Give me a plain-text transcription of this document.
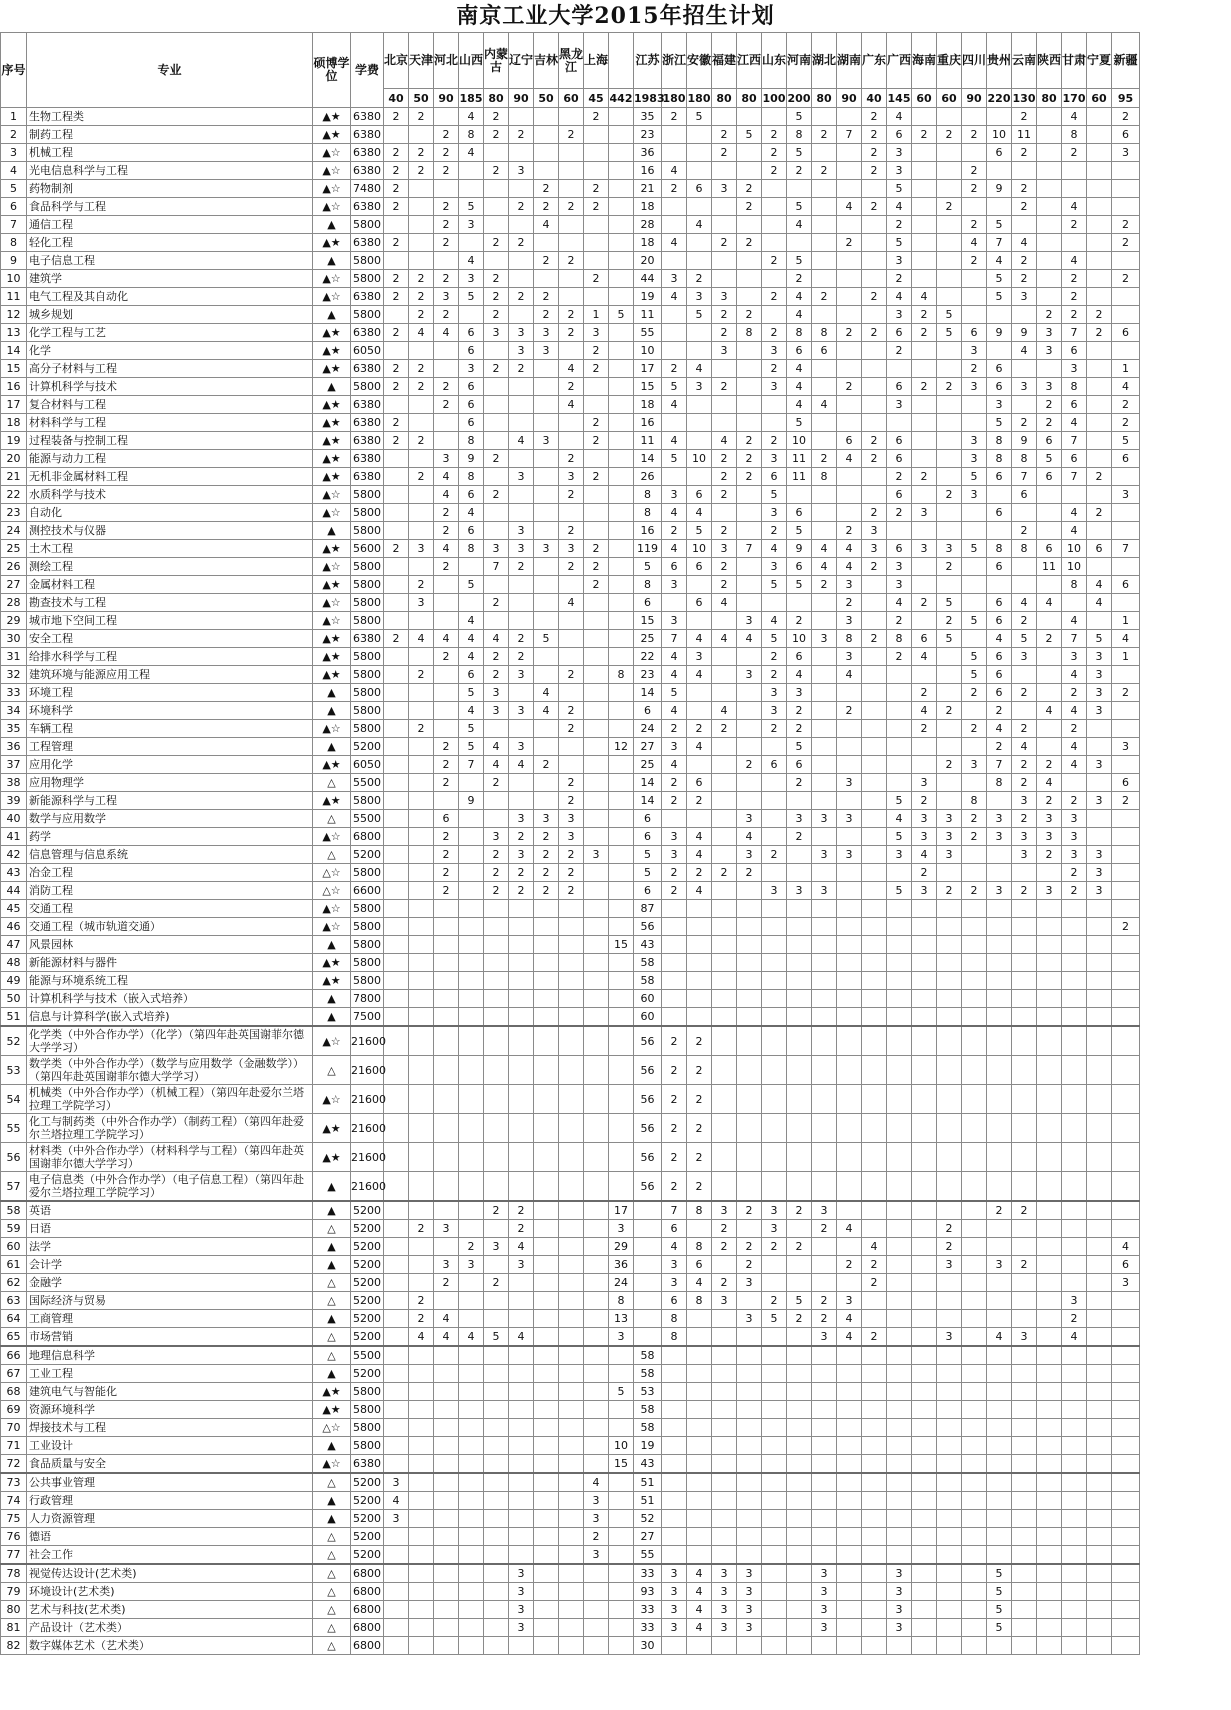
南京工业大学2015年招生计划
序号	专业	硕博学位	学费	北京	天津	河北	山西	内蒙古	辽宁	吉林	黑龙江	上海		江苏	浙江	安徽	福建	江西	山东	河南	湖北	湖南	广东	广西	海南	重庆	四川	贵州	云南	陕西	甘肃	宁夏	新疆
				40	50	90	185	80	90	50	60	45	442	1983	180	180	80	80	100	200	80	90	40	145	60	60	90	220	130	80	170	60	95
1	生物工程类	▲★	6380	2	2		4	2				2		35	2	5				5			2	4					2		4		2
2	制药工程	▲★	6380			2	8	2	2		2			23			2	5	2	8	2	7	2	6	2	2	2	10	11		8		6
3	机械工程	▲☆	6380	2	2	2	4							36			2		2	5			2	3				6	2		2		3
4	光电信息科学与工程	▲☆	6380	2	2	2		2	3					16	4				2	2	2		2	3			2						
5	药物制剂	▲☆	7480	2						2		2		21	2	6	3	2						5			2	9	2				
6	食品科学与工程	▲☆	6380	2		2	5		2	2	2	2		18				2		5		4	2	4		2			2		4		
7	通信工程	▲	5800			2	3			4				28		4				4				2			2	5			2		2
8	轻化工程	▲★	6380	2		2		2	2					18	4		2	2				2		5			4	7	4				2
9	电子信息工程	▲	5800				4			2	2			20					2	5				3			2	4	2		4		
10	建筑学	▲☆	5800	2	2	2	3	2				2		44	3	2				2				2				5	2		2		2
11	电气工程及其自动化	▲☆	6380	2	2	3	5	2	2	2				19	4	3	3		2	4	2		2	4	4			5	3		2		
12	城乡规划	▲	5800		2	2		2		2	2	1	5	11		5	2	2		4				3	2	5				2	2	2	
13	化学工程与工艺	▲★	6380	2	4	4	6	3	3	3	2	3		55			2	8	2	8	8	2	2	6	2	5	6	9	9	3	7	2	6
14	化学	▲★	6050				6		3	3		2		10			3		3	6	6			2			3		4	3	6		
15	高分子材料与工程	▲★	6380	2	2		3	2	2		4	2		17	2	4			2	4							2	6			3		1
16	计算机科学与技术	▲	5800	2	2	2	6				2			15	5	3	2		3	4		2		6	2	2	3	6	3	3	8		4
17	复合材料与工程	▲★	6380			2	6				4			18	4					4	4			3				3		2	6		2
18	材料科学与工程	▲★	6380	2			6					2		16						5								5	2	2	4		2
19	过程装备与控制工程	▲★	6380	2	2		8		4	3		2		11	4		4	2	2	10		6	2	6			3	8	9	6	7		5
20	能源与动力工程	▲★	6380			3	9	2			2			14	5	10	2	2	3	11	2	4	2	6			3	8	8	5	6		6
21	无机非金属材料工程	▲★	6380		2	4	8		3		3	2		26			2	2	6	11	8			2	2		5	6	7	6	7	2	
22	水质科学与技术	▲☆	5800			4	6	2			2			8	3	6	2		5					6		2	3		6				3
23	自动化	▲☆	5800			2	4							8	4	4			3	6			2	2	3			6			4	2	
24	测控技术与仪器	▲	5800			2	6		3		2			16	2	5	2		2	5		2	3						2		4		
25	土木工程	▲★	5600	2	3	4	8	3	3	3	3	2		119	4	10	3	7	4	9	4	4	3	6	3	3	5	8	8	6	10	6	7
26	测绘工程	▲☆	5800			2		7	2		2	2		5	6	6	2		3	6	4	4	2	3		2		6		11	10		
27	金属材料工程	▲★	5800		2		5					2		8	3		2		5	5	2	3		3							8	4	6
28	勘查技术与工程	▲☆	5800		3			2			4			6		6	4					2		4	2	5		6	4	4		4	
29	城市地下空间工程	▲☆	5800				4							15	3			3	4	2		3		2		2	5	6	2		4		1
30	安全工程	▲★	6380	2	4	4	4	4	2	5				25	7	4	4	4	5	10	3	8	2	8	6	5		4	5	2	7	5	4
31	给排水科学与工程	▲★	5800			2	4	2	2					22	4	3			2	6		3		2	4		5	6	3		3	3	1
32	建筑环境与能源应用工程	▲★	5800		2		6	2	3		2		8	23	4	4		3	2	4		4					5	6			4	3	
33	环境工程	▲	5800				5	3		4				14	5				3	3					2		2	6	2		2	3	2
34	环境科学	▲	5800				4	3	3	4	2			6	4		4		3	2		2			4	2		2		4	4	3	
35	车辆工程	▲☆	5800		2		5				2			24	2	2	2		2	2					2		2	4	2		2		
36	工程管理	▲	5200			2	5	4	3				12	27	3	4				5								2	4		4		3
37	应用化学	▲★	6050			2	7	4	4	2				25	4			2	6	6						2	3	7	2	2	4	3	
38	应用物理学	△	5500			2		2			2			14	2	6				2		3			3			8	2	4			6
39	新能源科学与工程	▲★	5800				9				2			14	2	2								5	2		8		3	2	2	3	2
40	数学与应用数学	△	5500			6			3	3	3			6				3		3	3	3		4	3	3	2	3	2	3	3		
41	药学	▲☆	6800			2		3	2	2	3			6	3	4		4		2				5	3	3	2	3	3	3	3		
42	信息管理与信息系统	△	5200			2		2	3	2	2	3		5	3	4		3	2		3	3		3	4	3			3	2	3	3	
43	冶金工程	△☆	5800			2		2	2	2	2			5	2	2	2	2							2						2	3	
44	消防工程	△☆	6600			2		2	2	2	2			6	2	4			3	3	3			5	3	2	2	3	2	3	2	3	
45	交通工程	▲☆	5800											87																			
46	交通工程（城市轨道交通）	▲☆	5800											56																			2
47	风景园林	▲	5800										15	43																			
48	新能源材料与器件	▲★	5800											58																			
49	能源与环境系统工程	▲★	5800											58																			
50	计算机科学与技术（嵌入式培养）	▲	7800											60																			
51	信息与计算科学(嵌入式培养)	▲	7500											60																			
52	化学类（中外合作办学）（化学）（第四年赴英国谢菲尔德大学学习）	▲☆	21600											56	2	2																	
53	数学类（中外合作办学）（数学与应用数学（金融数学））（第四年赴英国谢菲尔德大学学习）	△	21600											56	2	2																	
54	机械类（中外合作办学）（机械工程）（第四年赴爱尔兰塔拉理工学院学习）	▲☆	21600											56	2	2																	
55	化工与制药类（中外合作办学）（制药工程）（第四年赴爱尔兰塔拉理工学院学习）	▲★	21600											56	2	2																	
56	材料类（中外合作办学）（材料科学与工程）（第四年赴英国谢菲尔德大学学习）	▲★	21600											56	2	2																	
57	电子信息类（中外合作办学）（电子信息工程）（第四年赴爱尔兰塔拉理工学院学习）	▲	21600											56	2	2																	
58	英语	▲	5200					2	2				17		7	8	3	2	3	2	3							2	2				
59	日语	△	5200		2	3			2				3		6		2		3		2	4				2							
60	法学	▲	5200				2	3	4				29		4	8	2	2	2	2			4			2							4
61	会计学	▲	5200			3	3		3				36		3	6		2				2	2			3		3	2				6
62	金融学	△	5200			2		2					24		3	4	2	3					2										3
63	国际经济与贸易	△	5200		2								8		6	8	3		2	5	2	3									3		
64	工商管理	▲	5200		2	4							13		8			3	5	2	2	4									2		
65	市场营销	△	5200		4	4	4	5	4				3		8						3	4	2			3		4	3		4		
66	地理信息科学	△	5500											58																			
67	工业工程	▲	5200											58																			
68	建筑电气与智能化	▲★	5800										5	53																			
69	资源环境科学	▲★	5800											58																			
70	焊接技术与工程	△☆	5800											58																			
71	工业设计	▲	5800										10	19																			
72	食品质量与安全	▲☆	6380										15	43																			
73	公共事业管理	△	5200	3								4		51																			
74	行政管理	▲	5200	4								3		51																			
75	人力资源管理	▲	5200	3								3		52																			
76	德语	△	5200									2		27																			
77	社会工作	△	5200									3		55																			
78	视觉传达设计(艺术类)	△	6800						3					33	3	4	3	3			3			3				5					
79	环境设计(艺术类)	△	6800						3					93	3	4	3	3			3			3				5					
80	艺术与科技(艺术类)	△	6800						3					33	3	4	3	3			3			3				5					
81	产品设计（艺术类）	△	6800						3					33	3	4	3	3			3			3				5					
82	数字媒体艺术（艺术类）	△	6800											30																			
